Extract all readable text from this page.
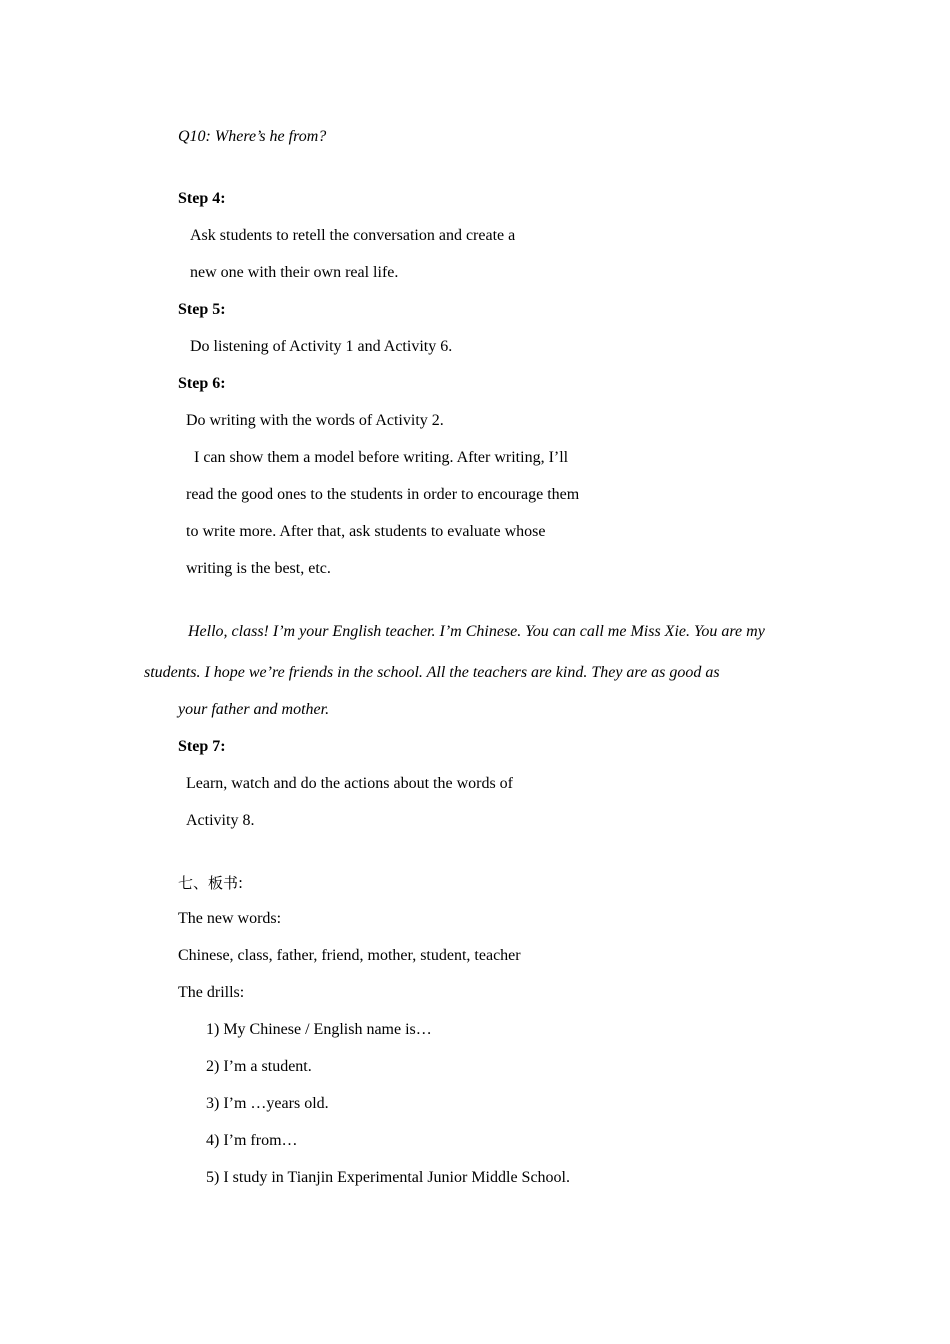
Q10: Where’s he from?
Step 4:
Ask students to retell the conversation and create a
new one with their own real life.
Step 5:
Do listening of Activity 1 and Activity 6.
Step 6:
Do writing with the words of Activity 2.
I can show them a model before writing. After writing, I’ll
read the good ones to the students in order to encourage them
to write more. After that, ask students to evaluate whose
writing is the best, etc.
Hello, class! I’m your English teacher. I’m Chinese. You can call me Miss Xie. You are my
students. I hope we’re friends in the school. All the teachers are kind. They are as good as
your father and mother.
Step 7:
Learn, watch and do the actions about the words of
Activity 8.
七、板书:
The new words:
Chinese, class, father, friend, mother, student, teacher
The drills:
1) My Chinese / English name is…
2) I’m a student.
3) I’m …years old.
4) I’m from…
5) I study in Tianjin Experimental Junior Middle School.
